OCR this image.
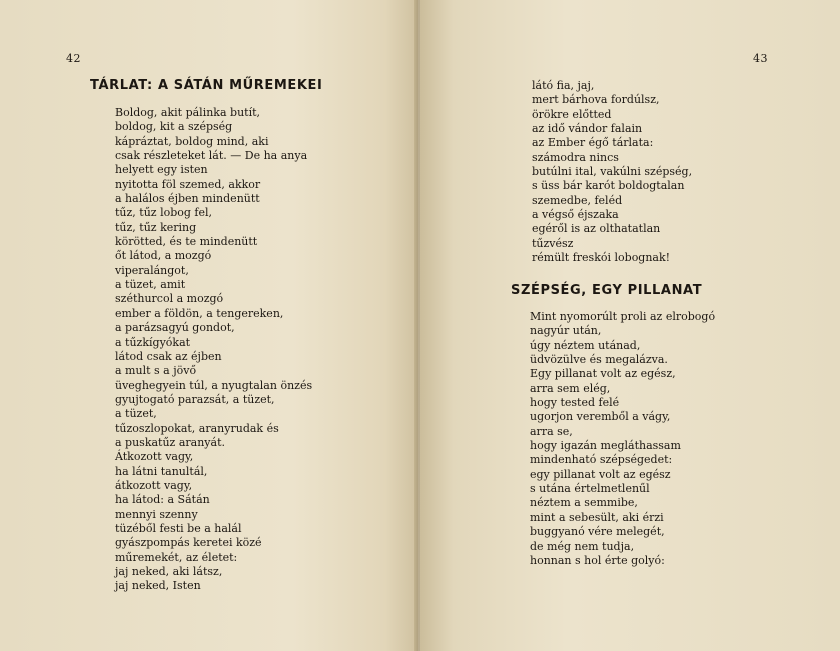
42
TÁRLAT: A SÁTÁN MŰREMEKEI
Boldog, akit pálinka butít,
boldog, kit a szépség
kápráztat, boldog mind, aki
csak részleteket lát. — De ha anya
helyett egy isten
nyitotta föl szemed, akkor
a halálos éjben mindenütt
tűz, tűz lobog fel,
tűz, tűz kering
körötted, és te mindenütt
őt látod, a mozgó
viperalángot,
a tüzet, amit
széthurcol a mozgó
ember a földön, a tengereken,
a parázsagyú gondot,
a tűzkígyókat
látod csak az éjben
a mult s a jövő
üveghegyein túl, a nyugtalan önzés
gyujtogató parazsát, a tüzet,
a tüzet,
tűzoszlopokat, aranyrudak és
a puskatűz aranyát.
Átkozott vagy,
ha látni tanultál,
átkozott vagy,
ha látod: a Sátán
mennyi szenny
tüzéből festi be a halál
gyászpompás keretei közé
műremekét, az életet:
jaj neked, aki látsz,
jaj neked, Isten
43
látó fia, jaj,
mert bárhova fordúlsz,
örökre előtted
az idő vándor falain
az Ember égő tárlata:
számodra nincs
butúlni ital, vakúlni szépség,
s üss bár karót boldogtalan
szemedbe, feléd
a végső éjszaka
egéről is az olthatatlan
tűzvész
rémült freskói lobognak!
SZÉPSÉG, EGY PILLANAT
Mint nyomorúlt proli az elrobogó
nagyúr után,
úgy néztem utánad,
üdvözülve és megalázva.
Egy pillanat volt az egész,
arra sem elég,
hogy tested felé
ugorjon veremből a vágy,
arra se,
hogy igazán megláthassam
mindenható szépségedet:
egy pillanat volt az egész
s utána értelmetlenűl
néztem a semmibe,
mint a sebesült, aki érzi
buggyanó vére melegét,
de még nem tudja,
honnan s hol érte golyó:
